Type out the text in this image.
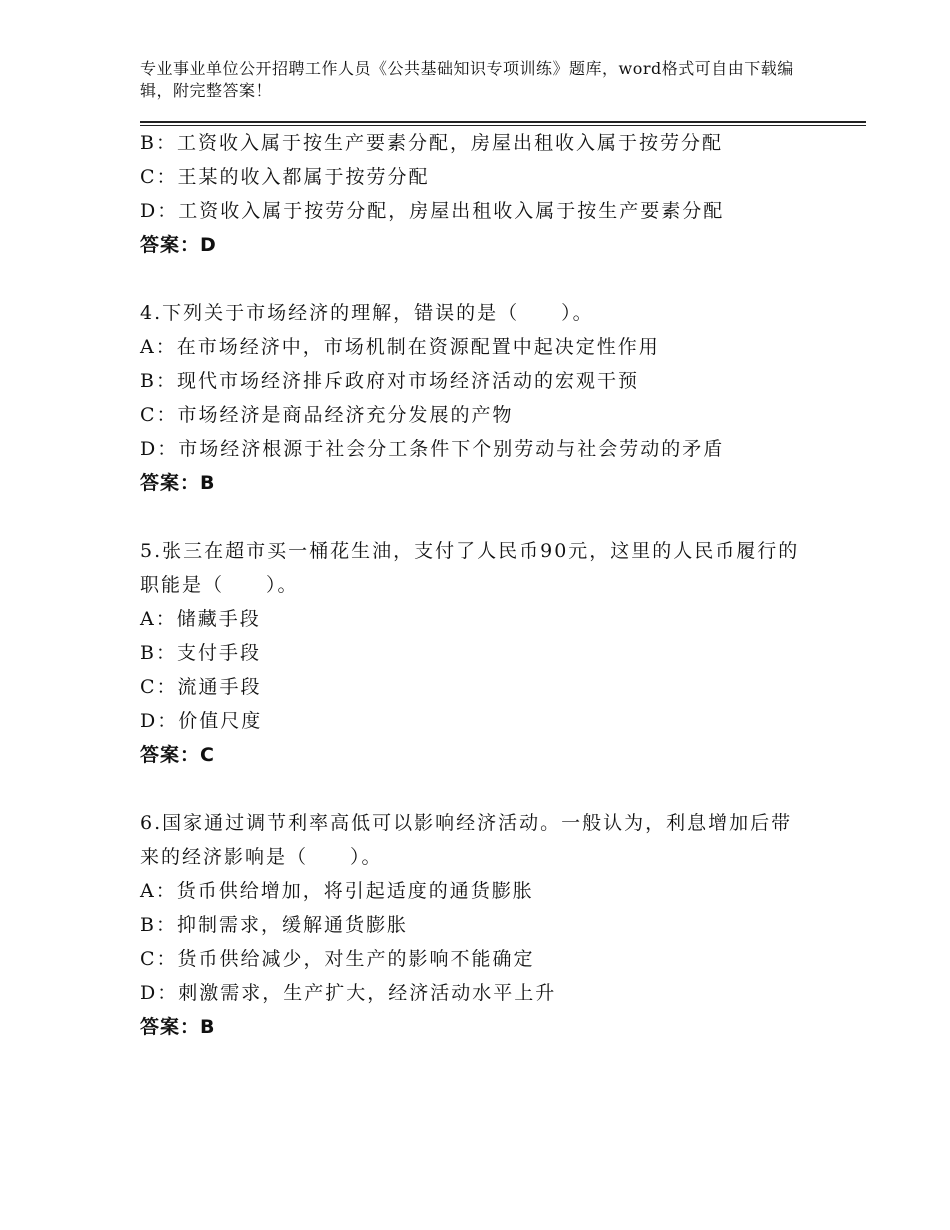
专业事业单位公开招聘工作人员《公共基础知识专项训练》题库，word格式可自由下载编辑，附完整答案！
B：工资收入属于按生产要素分配，房屋出租收入属于按劳分配
C：王某的收入都属于按劳分配
D：工资收入属于按劳分配，房屋出租收入属于按生产要素分配
答案：D
4.下列关于市场经济的理解，错误的是（　　）。
A：在市场经济中，市场机制在资源配置中起决定性作用
B：现代市场经济排斥政府对市场经济活动的宏观干预
C：市场经济是商品经济充分发展的产物
D：市场经济根源于社会分工条件下个别劳动与社会劳动的矛盾
答案：B
5.张三在超市买一桶花生油，支付了人民币90元，这里的人民币履行的职能是（　　）。
A：储藏手段
B：支付手段
C：流通手段
D：价值尺度
答案：C
6.国家通过调节利率高低可以影响经济活动。一般认为，利息增加后带来的经济影响是（　　）。
A：货币供给增加，将引起适度的通货膨胀
B：抑制需求，缓解通货膨胀
C：货币供给减少，对生产的影响不能确定
D：刺激需求，生产扩大，经济活动水平上升
答案：B
